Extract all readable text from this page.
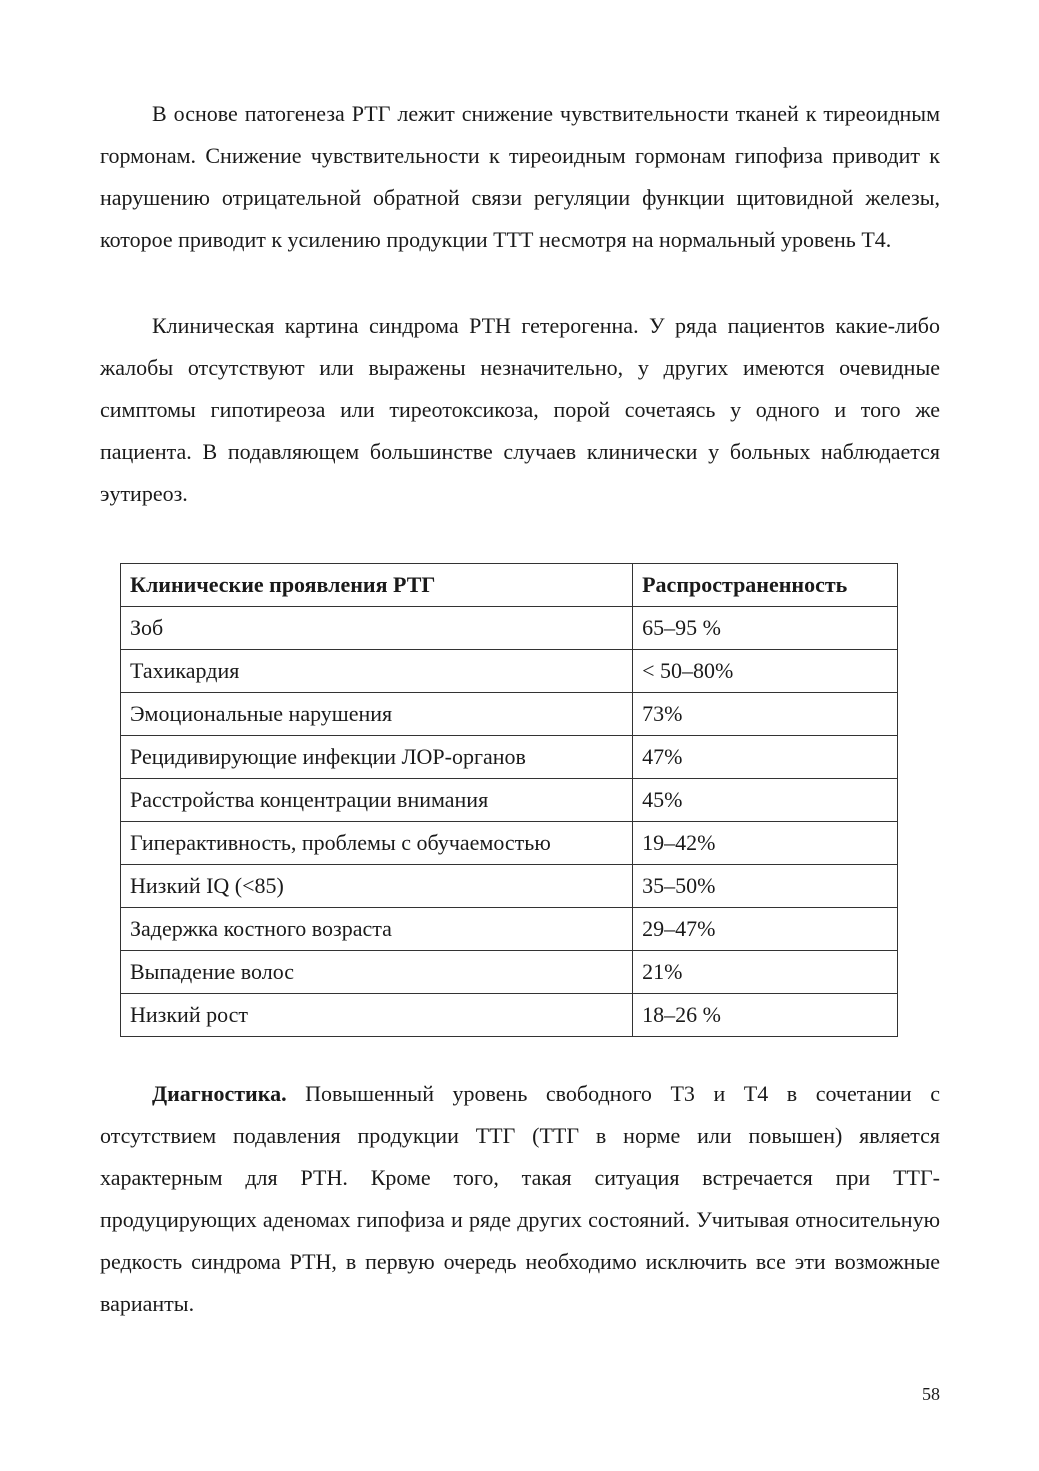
В основе патогенеза РТГ лежит снижение чувствительности тканей к тиреоидным гормонам. Снижение чувствительности к тиреоидным гормонам гипофиза приводит к нарушению отрицательной обратной связи регуляции функции щитовидной железы, которое приводит к усилению продукции ТТТ несмотря на нормальный уровень Т4.

Клиническая картина синдрома РТН гетерогенна. У ряда пациентов какие-либо жалобы отсутствуют или выражены незначительно, у других имеются очевидные симптомы гипотиреоза или тиреотоксикоза, порой сочетаясь у одного и того же пациента. В подавляющем большинстве случаев клинически у больных наблюдается эутиреоз.

Клинические проявления РТГ	Распространенность
Зоб	65–95 %
Тахикардия	< 50–80%
Эмоциональные нарушения	73%
Рецидивирующие инфекции ЛОР-органов	47%
Расстройства концентрации внимания	45%
Гиперактивность, проблемы с обучаемостью	19–42%
Низкий IQ (<85)	35–50%
Задержка костного возраста	29–47%
Выпадение волос	21%
Низкий рост	18–26 %

Диагностика. Повышенный уровень свободного Т3 и Т4 в сочетании с отсутствием подавления продукции ТТГ (ТТГ в норме или повышен) является характерным для РТН. Кроме того, такая ситуация встречается при ТТГ-продуцирующих аденомах гипофиза и ряде других состояний. Учитывая относительную редкость синдрома РТН, в первую очередь необходимо исключить все эти возможные варианты.

58
